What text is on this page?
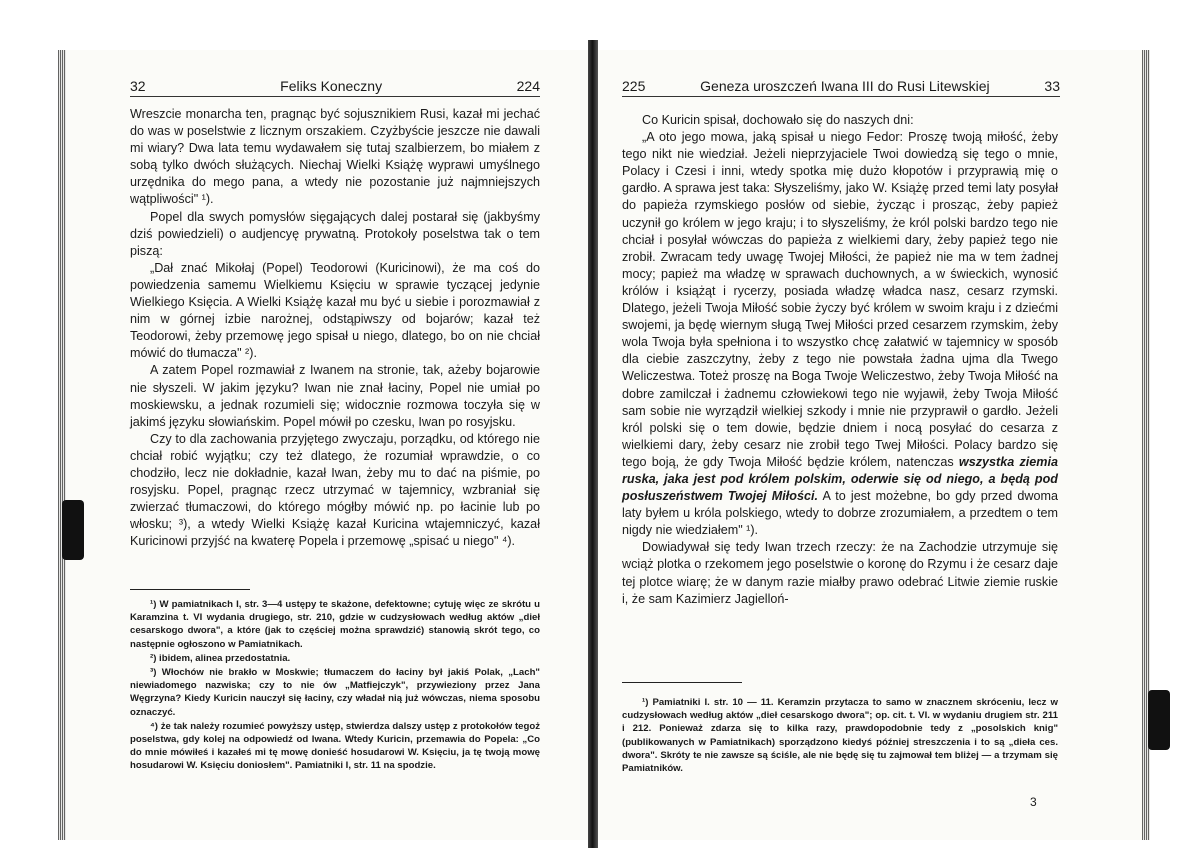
32	Feliks Koneczny	224

Wreszcie monarcha ten, pragnąc być sojusznikiem Rusi, kazał mi jechać do was w poselstwie z licznym orszakiem. Czyżbyście jeszcze nie dawali mi wiary? Dwa lata temu wydawałem się tutaj szalbierzem, bo miałem z sobą tylko dwóch służących. Niechaj Wielki Książę wyprawi umyślnego urzędnika do mego pana, a wtedy nie pozostanie już najmniejszych wątpliwości" ¹).

Popel dla swych pomysłów sięgających dalej postarał się (jakbyśmy dziś powiedzieli) o audjencyę prywatną. Protokoły poselstwa tak o tem piszą:

„Dał znać Mikołaj (Popel) Teodorowi (Kuricinowi), że ma coś do powiedzenia samemu Wielkiemu Księciu w sprawie tyczącej jedynie Wielkiego Księcia. A Wielki Książę kazał mu być u siebie i porozmawiał z nim w górnej izbie narożnej, odstąpiwszy od bojarów; kazał też Teodorowi, żeby przemowę jego spisał u niego, dlatego, bo on nie chciał mówić do tłumacza" ²).

A zatem Popel rozmawiał z Iwanem na stronie, tak, ażeby bojarowie nie słyszeli. W jakim języku? Iwan nie znał łaciny, Popel nie umiał po moskiewsku, a jednak rozumieli się; widocznie rozmowa toczyła się w jakimś języku słowiańskim. Popel mówił po czesku, Iwan po rosyjsku.

Czy to dla zachowania przyjętego zwyczaju, porządku, od którego nie chciał robić wyjątku; czy też dlatego, że rozumiał wprawdzie, o co chodziło, lecz nie dokładnie, kazał Iwan, żeby mu to dać na piśmie, po rosyjsku. Popel, pragnąc rzecz utrzymać w tajemnicy, wzbraniał się zwierzać tłumaczowi, do którego mógłby mówić np. po łacinie lub po włosku; ³), a wtedy Wielki Książę kazał Kuricina wtajemniczyć, kazał Kuricinowi przyjść na kwaterę Popela i przemowę „spisać u niego" ⁴).

¹) W pamiatnikach I, str. 3—4 ustępy te skażone, defektowne; cytuję więc ze skrótu u Karamzina t. VI wydania drugiego, str. 210, gdzie w cudzysłowach według aktów „dieł cesarskogo dwora", a które (jak to częściej można sprawdzić) stanowią skrót tego, co następnie ogłoszono w Pamiatnikach.

²) ibidem, alinea przedostatnia.

³) Włochów nie brakło w Moskwie; tłumaczem do łaciny był jakiś Polak, „Lach" niewiadomego nazwiska; czy to nie ów „Matfiejczyk", przywieziony przez Jana Węgrzyna? Kiedy Kuricin nauczył się łaciny, czy władał nią już wówczas, niema sposobu oznaczyć.

⁴) że tak należy rozumieć powyższy ustęp, stwierdza dalszy ustęp z protokołów tegoż poselstwa, gdy kolej na odpowiedź od Iwana. Wtedy Kuricin, przemawia do Popela: „Co do mnie mówiłeś i kazałeś mi tę mowę donieść hosudarowi W. Księciu, ja tę twoją mowę hosudarowi W. Księciu doniosłem". Pamiatniki I, str. 11 na spodzie.

225	Geneza uroszczeń Iwana III do Rusi Litewskiej	33

Co Kuricin spisał, dochowało się do naszych dni:

„A oto jego mowa, jaką spisał u niego Fedor: Proszę twoją miłość, żeby tego nikt nie wiedział. Jeżeli nieprzyjaciele Twoi dowiedzą się tego o mnie, Polacy i Czesi i inni, wtedy spotka mię dużo kłopotów i przyprawią mię o gardło. A sprawa jest taka: Słyszeliśmy, jako W. Książę przed temi laty posyłał do papieża rzymskiego posłów od siebie, życząc i prosząc, żeby papież uczynił go królem w jego kraju; i to słyszeliśmy, że król polski bardzo tego nie chciał i posyłał wówczas do papieża z wielkiemi dary, żeby papież tego nie zrobił. Zwracam tedy uwagę Twojej Miłości, że papież nie ma w tem żadnej mocy; papież ma władzę w sprawach duchownych, a w świeckich, wynosić królów i książąt i rycerzy, posiada władzę władca nasz, cesarz rzymski. Dlatego, jeżeli Twoja Miłość sobie życzy być królem w swoim kraju i z dziećmi swojemi, ja będę wiernym sługą Twej Miłości przed cesarzem rzymskim, żeby wola Twoja była spełniona i to wszystko chcę załatwić w tajemnicy w sposób dla ciebie zaszczytny, żeby z tego nie powstała żadna ujma dla Twego Weliczestwa. Toteż proszę na Boga Twoje Weliczestwo, żeby Twoja Miłość na dobre zamilczał i żadnemu człowiekowi tego nie wyjawił, żeby Twoja Miłość sam sobie nie wyrządził wielkiej szkody i mnie nie przyprawił o gardło. Jeżeli król polski się o tem dowie, będzie dniem i nocą posyłać do cesarza z wielkiemi dary, żeby cesarz nie zrobił tego Twej Miłości. Polacy bardzo się tego boją, że gdy Twoja Miłość będzie królem, natenczas wszystka ziemia ruska, jaka jest pod królem polskim, oderwie się od niego, a będą pod posłuszeństwem Twojej Miłości. A to jest możebne, bo gdy przed dwoma laty byłem u króla polskiego, wtedy to dobrze zrozumiałem, a przedtem o tem nigdy nie wiedziałem" ¹).

Dowiadywał się tedy Iwan trzech rzeczy: że na Zachodzie utrzymuje się wciąż plotka o rzekomem jego poselstwie o koronę do Rzymu i że cesarz daje tej plotce wiarę; że w danym razie miałby prawo odebrać Litwie ziemie ruskie i, że sam Kazimierz Jagielloń-

¹) Pamiatniki I. str. 10 — 11. Keramzin przytacza to samo w znacznem skróceniu, lecz w cudzysłowach według aktów „dieł cesarskogo dwora"; op. cit. t. VI. w wydaniu drugiem str. 211 i 212. Ponieważ zdarza się to kilka razy, prawdopodobnie tedy z „posolskich knig" (publikowanych w Pamiatnikach) sporządzono kiedyś później streszczenia i to są „dieła ces. dwora". Skróty te nie zawsze są ściśle, ale nie będę się tu zajmował tem bliżej — a trzymam się Pamiatników.

3
